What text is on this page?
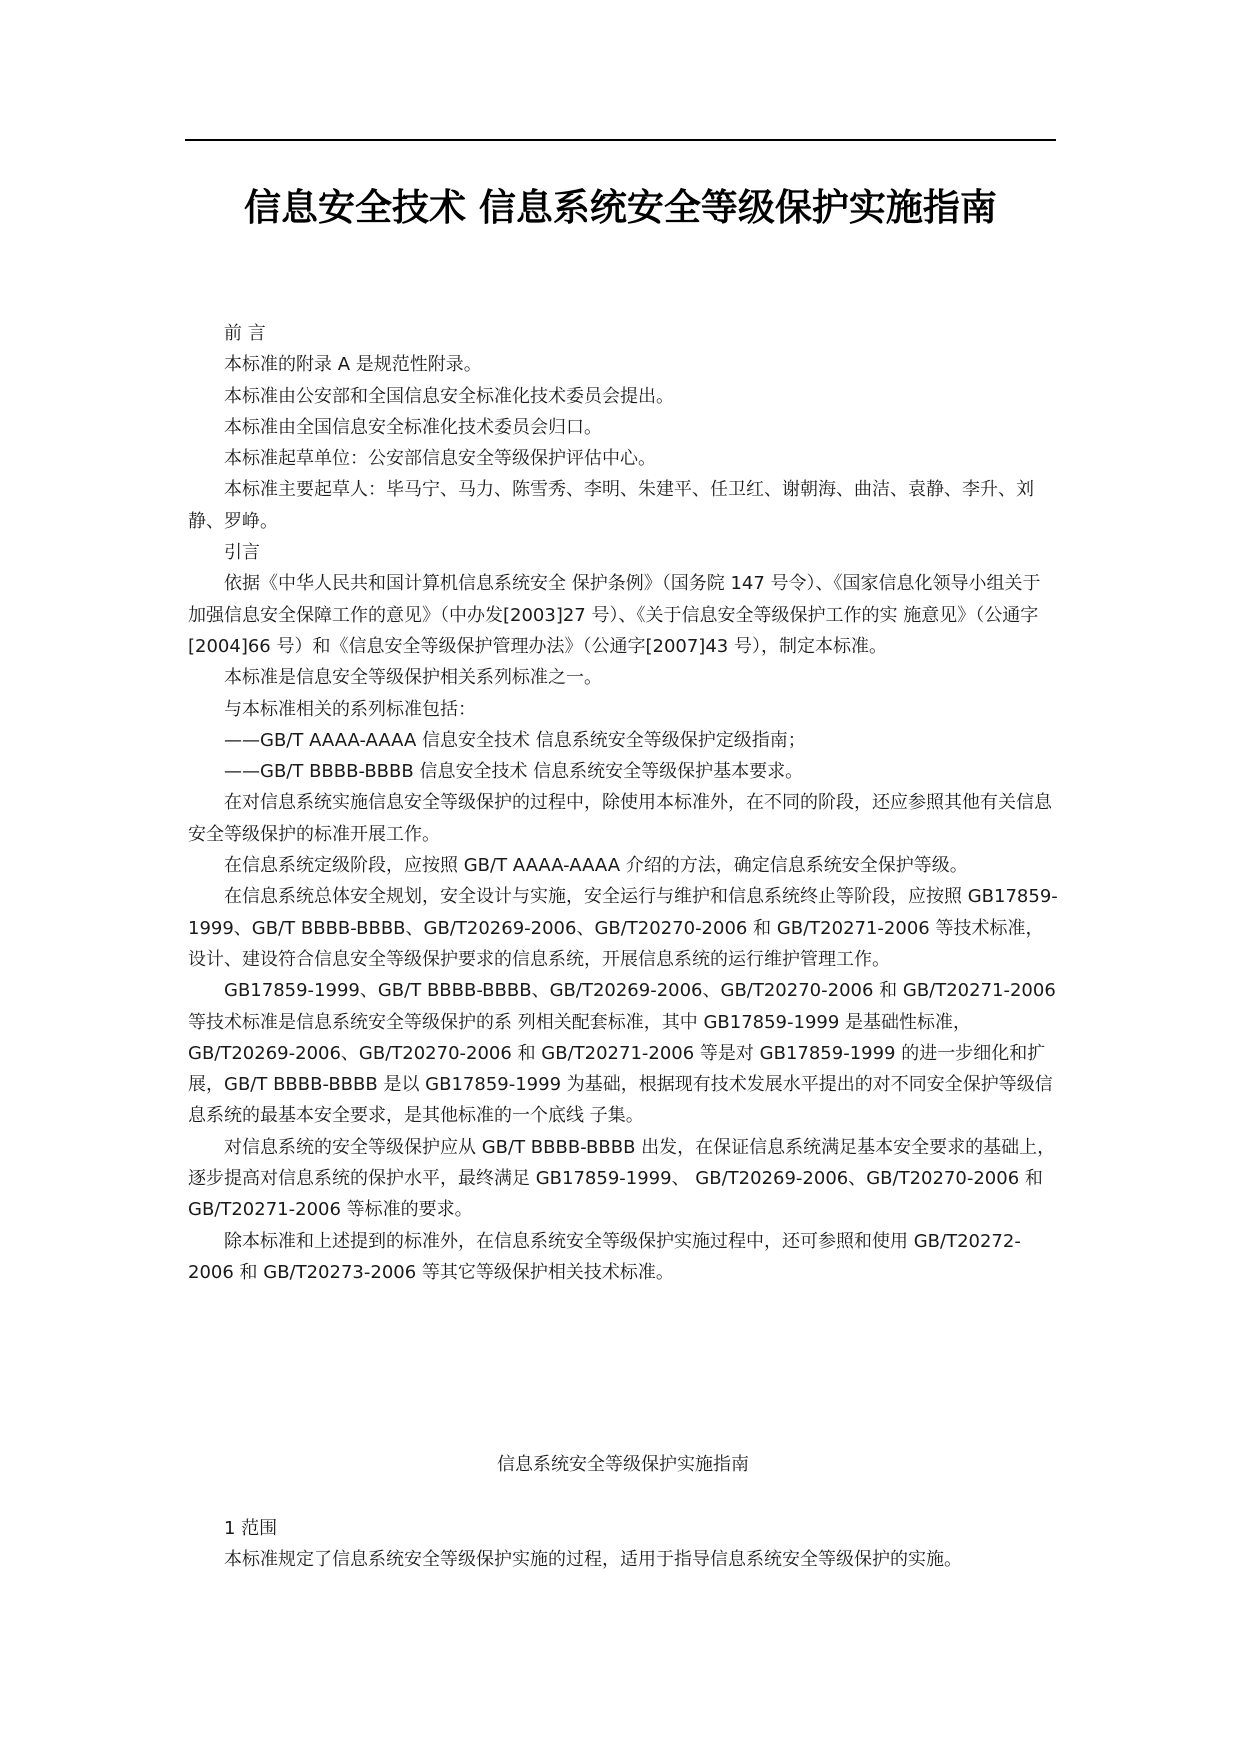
信息安全技术 信息系统安全等级保护实施指南

前 言

本标准的附录 A 是规范性附录。

本标准由公安部和全国信息安全标准化技术委员会提出。

本标准由全国信息安全标准化技术委员会归口。

本标准起草单位：公安部信息安全等级保护评估中心。

本标准主要起草人：毕马宁、马力、陈雪秀、李明、朱建平、任卫红、谢朝海、曲洁、袁静、李升、刘静、罗峥。

引言

依据《中华人民共和国计算机信息系统安全 保护条例》（国务院 147 号令）、《国家信息化领导小组关于加强信息安全保障工作的意见》（中办发[2003]27 号）、《关于信息安全等级保护工作的实 施意见》（公通字[2004]66 号）和《信息安全等级保护管理办法》（公通字[2007]43 号），制定本标准。

本标准是信息安全等级保护相关系列标准之一。

与本标准相关的系列标准包括：

——GB/T AAAA-AAAA 信息安全技术 信息系统安全等级保护定级指南；

——GB/T BBBB-BBBB 信息安全技术 信息系统安全等级保护基本要求。

在对信息系统实施信息安全等级保护的过程中，除使用本标准外，在不同的阶段，还应参照其他有关信息安全等级保护的标准开展工作。

在信息系统定级阶段，应按照 GB/T AAAA-AAAA 介绍的方法，确定信息系统安全保护等级。

在信息系统总体安全规划，安全设计与实施，安全运行与维护和信息系统终止等阶段，应按照 GB17859-1999、GB/T BBBB-BBBB、GB/T20269-2006、GB/T20270-2006 和 GB/T20271-2006 等技术标准，设计、建设符合信息安全等级保护要求的信息系统，开展信息系统的运行维护管理工作。

GB17859-1999、GB/T BBBB-BBBB、GB/T20269-2006、GB/T20270-2006 和 GB/T20271-2006 等技术标准是信息系统安全等级保护的系 列相关配套标准，其中 GB17859-1999 是基础性标准，GB/T20269-2006、GB/T20270-2006 和 GB/T20271-2006 等是对 GB17859-1999 的进一步细化和扩展，GB/T BBBB-BBBB 是以 GB17859-1999 为基础，根据现有技术发展水平提出的对不同安全保护等级信息系统的最基本安全要求，是其他标准的一个底线 子集。

对信息系统的安全等级保护应从 GB/T BBBB-BBBB 出发，在保证信息系统满足基本安全要求的基础上，逐步提高对信息系统的保护水平，最终满足 GB17859-1999、 GB/T20269-2006、GB/T20270-2006 和 GB/T20271-2006 等标准的要求。

除本标准和上述提到的标准外，在信息系统安全等级保护实施过程中，还可参照和使用 GB/T20272-2006 和 GB/T20273-2006 等其它等级保护相关技术标准。

信息系统安全等级保护实施指南

1 范围

本标准规定了信息系统安全等级保护实施的过程，适用于指导信息系统安全等级保护的实施。
